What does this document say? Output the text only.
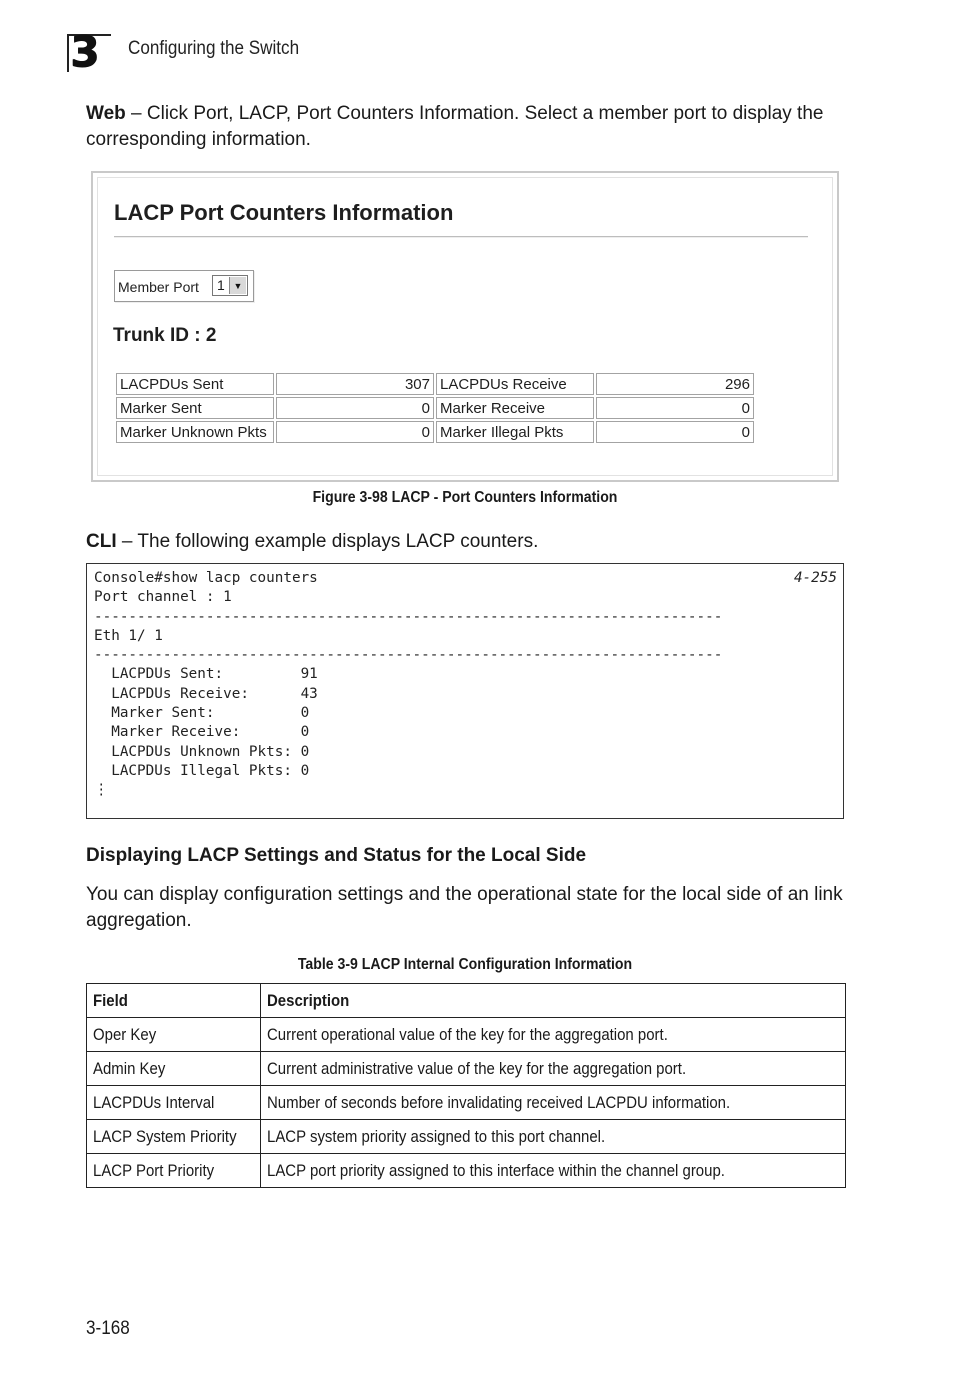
3 Configuring the Switch
Web – Click Port, LACP, Port Counters Information. Select a member port to display the corresponding information.
LACP Port Counters Information
Member Port 1 ▼
Trunk ID : 2
LACPDUs Sent	307	LACPDUs Receive	296
Marker Sent	0	Marker Receive	0
Marker Unknown Pkts	0	Marker Illegal Pkts	0
Figure 3-98 LACP - Port Counters Information
CLI – The following example displays LACP counters.
Console#show lacp counters
Port channel : 1
-------------------------------------------------------------------------
Eth 1/ 1
-------------------------------------------------------------------------
LACPDUs Sent:         91
LACPDUs Receive:      43
Marker Sent:          0
Marker Receive:       0
LACPDUs Unknown Pkts: 0
LACPDUs Illegal Pkts: 0
⋮
4-255
Displaying LACP Settings and Status for the Local Side
You can display configuration settings and the operational state for the local side of an link aggregation.
Table 3-9 LACP Internal Configuration Information
Field	Description
Oper Key	Current operational value of the key for the aggregation port.
Admin Key	Current administrative value of the key for the aggregation port.
LACPDUs Interval	Number of seconds before invalidating received LACPDU information.
LACP System Priority	LACP system priority assigned to this port channel.
LACP Port Priority	LACP port priority assigned to this interface within the channel group.
3-168
